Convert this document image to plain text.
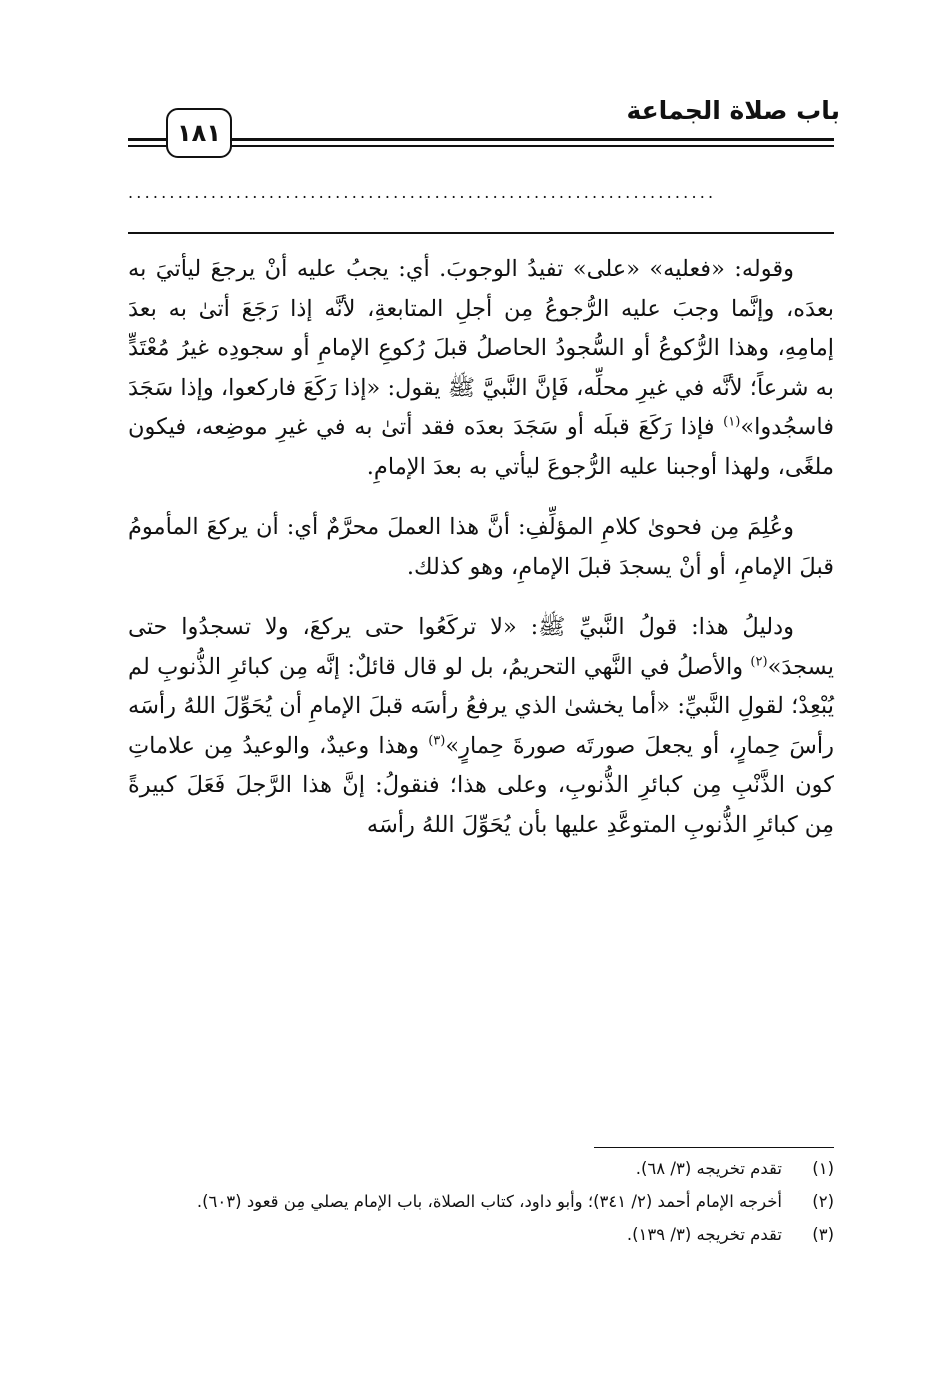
باب صلاة الجماعة
١٨١
.......................................................................

وقوله: «فعليه» «على» تفيدُ الوجوبَ. أي: يجبُ عليه أنْ يرجعَ ليأتيَ به بعدَه، وإنَّما وجبَ عليه الرُّجوعُ مِن أجلِ المتابعةِ، لأنَّه إذا رَجَعَ أتىٰ به بعدَ إمامِهِ، وهذا الرُّكوعُ أو السُّجودُ الحاصلُ قبلَ رُكوعِ الإمامِ أو سجودِه غيرُ مُعْتَدٍّ به شرعاً؛ لأنَّه في غيرِ محلِّه، فَإنَّ النَّبيَّ ﷺ يقول: «إذا رَكَعَ فاركعوا، وإذا سَجَدَ فاسجُدوا»$^{(١)}$ فإذا رَكَعَ قبلَه أو سَجَدَ بعدَه فقد أتىٰ به في غيرِ موضِعه، فيكون ملغًى، ولهذا أوجبنا عليه الرُّجوعَ ليأتي به بعدَ الإمامِ.

وعُلِمَ مِن فحوىٰ كلامِ المؤلِّفِ: أنَّ هذا العملَ محرَّمٌ أي: أن يركعَ المأمومُ قبلَ الإمامِ، أو أنْ يسجدَ قبلَ الإمامِ، وهو كذلك.

ودليلُ هذا: قولُ النَّبيِّ ﷺ: «لا تركَعُوا حتى يركعَ، ولا تسجدُوا حتى يسجدَ»$^{(٢)}$ والأصلُ في النَّهي التحريمُ، بل لو قال قائلٌ: إنَّه مِن كبائرِ الذُّنوبِ لم يُبْعِدْ؛ لقولِ النَّبيِّ: «أما يخشىٰ الذي يرفعُ رأسَه قبلَ الإمامِ أن يُحَوِّلَ اللهُ رأسَه رأسَ حِمارٍ، أو يجعلَ صورتَه صورةَ حِمارٍ»$^{(٣)}$ وهذا وعيدٌ، والوعيدُ مِن علاماتِ كون الذَّنْبِ مِن كبائرِ الذُّنوبِ، وعلى هذا؛ فنقولُ: إنَّ هذا الرَّجلَ فَعَلَ كبيرةً مِن كبائرِ الذُّنوبِ المتوعَّدِ عليها بأن يُحَوِّلَ اللهُ رأسَه

(١)
تقدم تخريجه (٣/ ٦٨).
(٢)
أخرجه الإمام أحمد (٢/ ٣٤١)؛ وأبو داود، كتاب الصلاة، باب الإمام يصلي مِن قعود (٦٠٣).
(٣)
تقدم تخريجه (٣/ ١٣٩).
